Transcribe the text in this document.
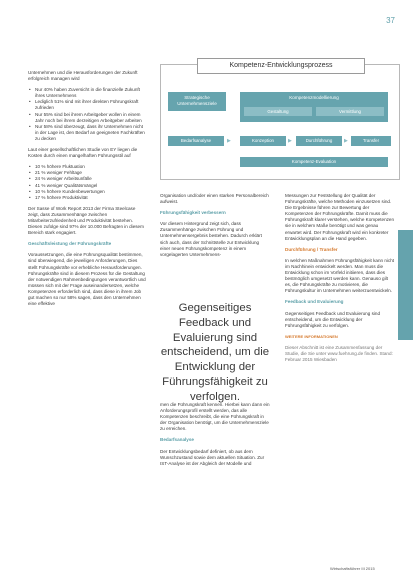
37

Unternehmen und die Herausforderungen der Zukunft erfolgreich managen wird

• Nur 40% haben Zuversicht in die finanzielle Zukunft ihres Unternehmens
• Lediglich 51% sind mit ihrer direkten Führungskraft zufrieden
• Nur 55% sind bei ihrem Arbeitgeber wollen in einem Jahr noch bei ihrem derzeitigen Arbeitgeber arbeiten
• Nur 58% sind überzeugt, dass ihr Unternehmen nicht in der Lage ist, den Bedarf an geeigneten Fachkräften zu decken

Laut einer gesellschaftlichen Studie von EY liegen die Kosten durch einen mangelhaften Führungsstil auf

• 10 % höhere Fluktuation
• 21 % weniger Fehltage
• 24 % weniger Arbeitsunfälle
• 41 % weniger Qualitätsmängel
• 10 % höhere Kundenbewertungen
• 17 % höhere Produktivität

Der Sasse of Work Report 2013 der Firma Steelcase zeigt, dass Zusammenhänge zwischen Mitarbeiterzufriedenheit und Produktivität bestehen. Diesen zufolge sind 97% der 10.000 Befragten in diesem Bereich stark engagiert.

Geschäftsleistung der Führungskräfte

Voraussetzungen, die eine Führungsqualität bestimmen, sind überwiegend, die jeweiligen Anforderungen, Dies stellt Führungskräfte vor erhebliche Herausforderungen. Führungskräfte sind in diesem Prozess für die Gestaltung der notwendigen Rahmenbedingungen verantwortlich und müssen sich mit der Frage auseinandersetzen, welche Kompetenzen erforderlich sind, dass diese in ihrem Job gut machen so nur 58% sagen, dass den Unternehmen eine effektive

Kompetenz-Entwicklungsprozess
Strategische Unternehmensziele
Kompetenzmodellierung
Gestaltung	Vermittlung
Bedarfsanalyse	▶	Konzeption	▶	Durchführung	▶	Transfer
Kompetenz-Evaluation

Organisation und/oder einen starken Personalbereich aufweist.

Führungsfähigkeit verbessern

Vor diesem Hintergrund zeigt sich, dass Zusammenhänge zwischen Führung und Unternehmensergebnis bestehen. Dadurch erklärt sich auch, dass der Schnittstelle zur Entwicklung einer neuen Führungskompetenz in einem vorgelagerten Unternehmens-

Gegenseitiges Feedback und Evaluierung sind entscheidend, um die Entwicklung der Führungsfähigkeit zu verfolgen.

men die Führungskraft kennen. Hierbei kann dann ein Anforderungsprofil erstellt werden, das alle Kompetenzen beschreibt, die eine Führungskraft in der Organisation benötigt, um die Unternehmensziele zu erreichen.

Bedarfsanalyse

Der Entwicklungsbedarf definiert, ob aus dem Wunschzustand sowie dem aktuellen Situation. Zur IST-Analyse ist der Abgleich der Modelle und

Messungen zur Feststellung der Qualität der Führungskräfte, welche Methoden einzusetzen sind. Die Ergebnisse führen zur Bewertung der Kompetenzen der Führungskräfte. Damit muss die Führungskraft klarer verstehen, welche Kompetenzen sie in welchem Maße benötigt und was genau erwartet wird. Der Führungskraft wird ein konkreter Entwicklungsplan an die Hand gegeben.

Durchführung / Transfer

In welchen Maßnahmen Führungsfähigkeit kann nicht im Nachhinein entwickelt werden. Man muss die Entwicklung schon im Vorfeld initiieren, dass dies bestmöglich umgesetzt werden kann. Genauso gilt es, die Führungskräfte zu motivieren, die Führungskultur im Unternehmen weiterzuentwickeln.

Feedback und Evaluierung

Gegenseitiges Feedback und Evaluierung sind entscheidend, um die Entwicklung der Führungsfähigkeit zu verfolgen.

WEITERE INFORMATIONEN

Dieser Abschnitt ist eine Zusammenfassung der Studie, die Sie unter www.fuehrung.de finden. Stand: Februar 2015 Wiesbaden

Wirtschaftsführer III 2015
